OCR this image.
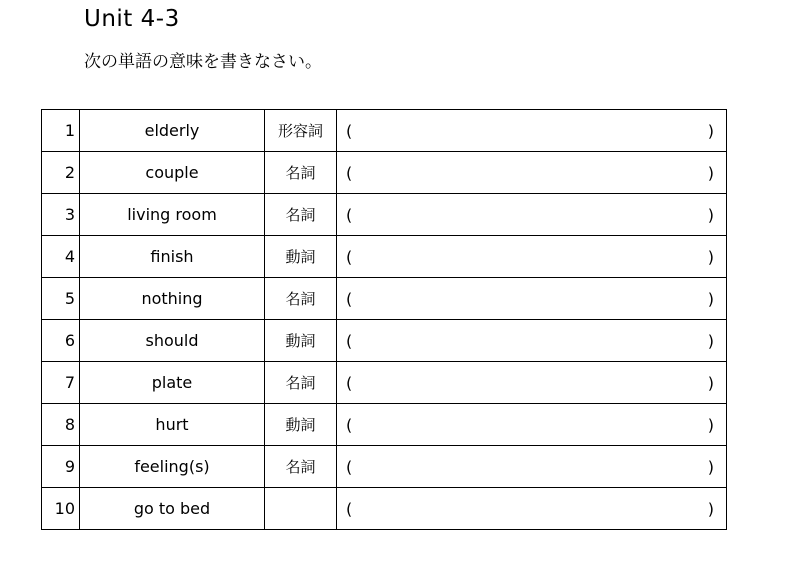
Unit 4-3
次の単語の意味を書きなさい。
1	elderly	形容詞	( )

2	couple	名詞	( )

3	living room	名詞	( )

4	finish	動詞	( )

5	nothing	名詞	( )

6	should	動詞	( )

7	plate	名詞	( )

8	hurt	動詞	( )

9	feeling(s)	名詞	( )

10	go to bed		( )
